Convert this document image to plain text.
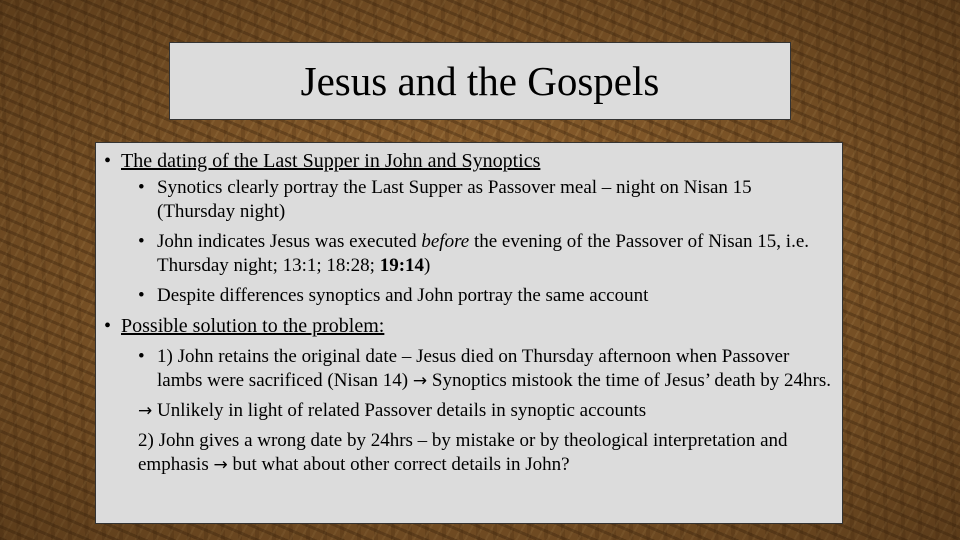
Jesus and the Gospels
• The dating of the Last Supper in John and Synoptics
• Synotics clearly portray the Last Supper as Passover meal – night on Nisan 15 (Thursday night)
• John indicates Jesus was executed before the evening of the Passover of Nisan 15, i.e. Thursday night; 13:1; 18:28; 19:14)
• Despite differences synoptics and John portray the same account
• Possible solution to the problem:
• 1) John retains the original date – Jesus died on Thursday afternoon when Passover lambs were sacrificed (Nisan 14) → Synoptics mistook the time of Jesus’ death by 24hrs.
→ Unlikely in light of related Passover details in synoptic accounts
2) John gives a wrong date by 24hrs – by mistake or by theological interpretation and emphasis → but what about other correct details in John?
